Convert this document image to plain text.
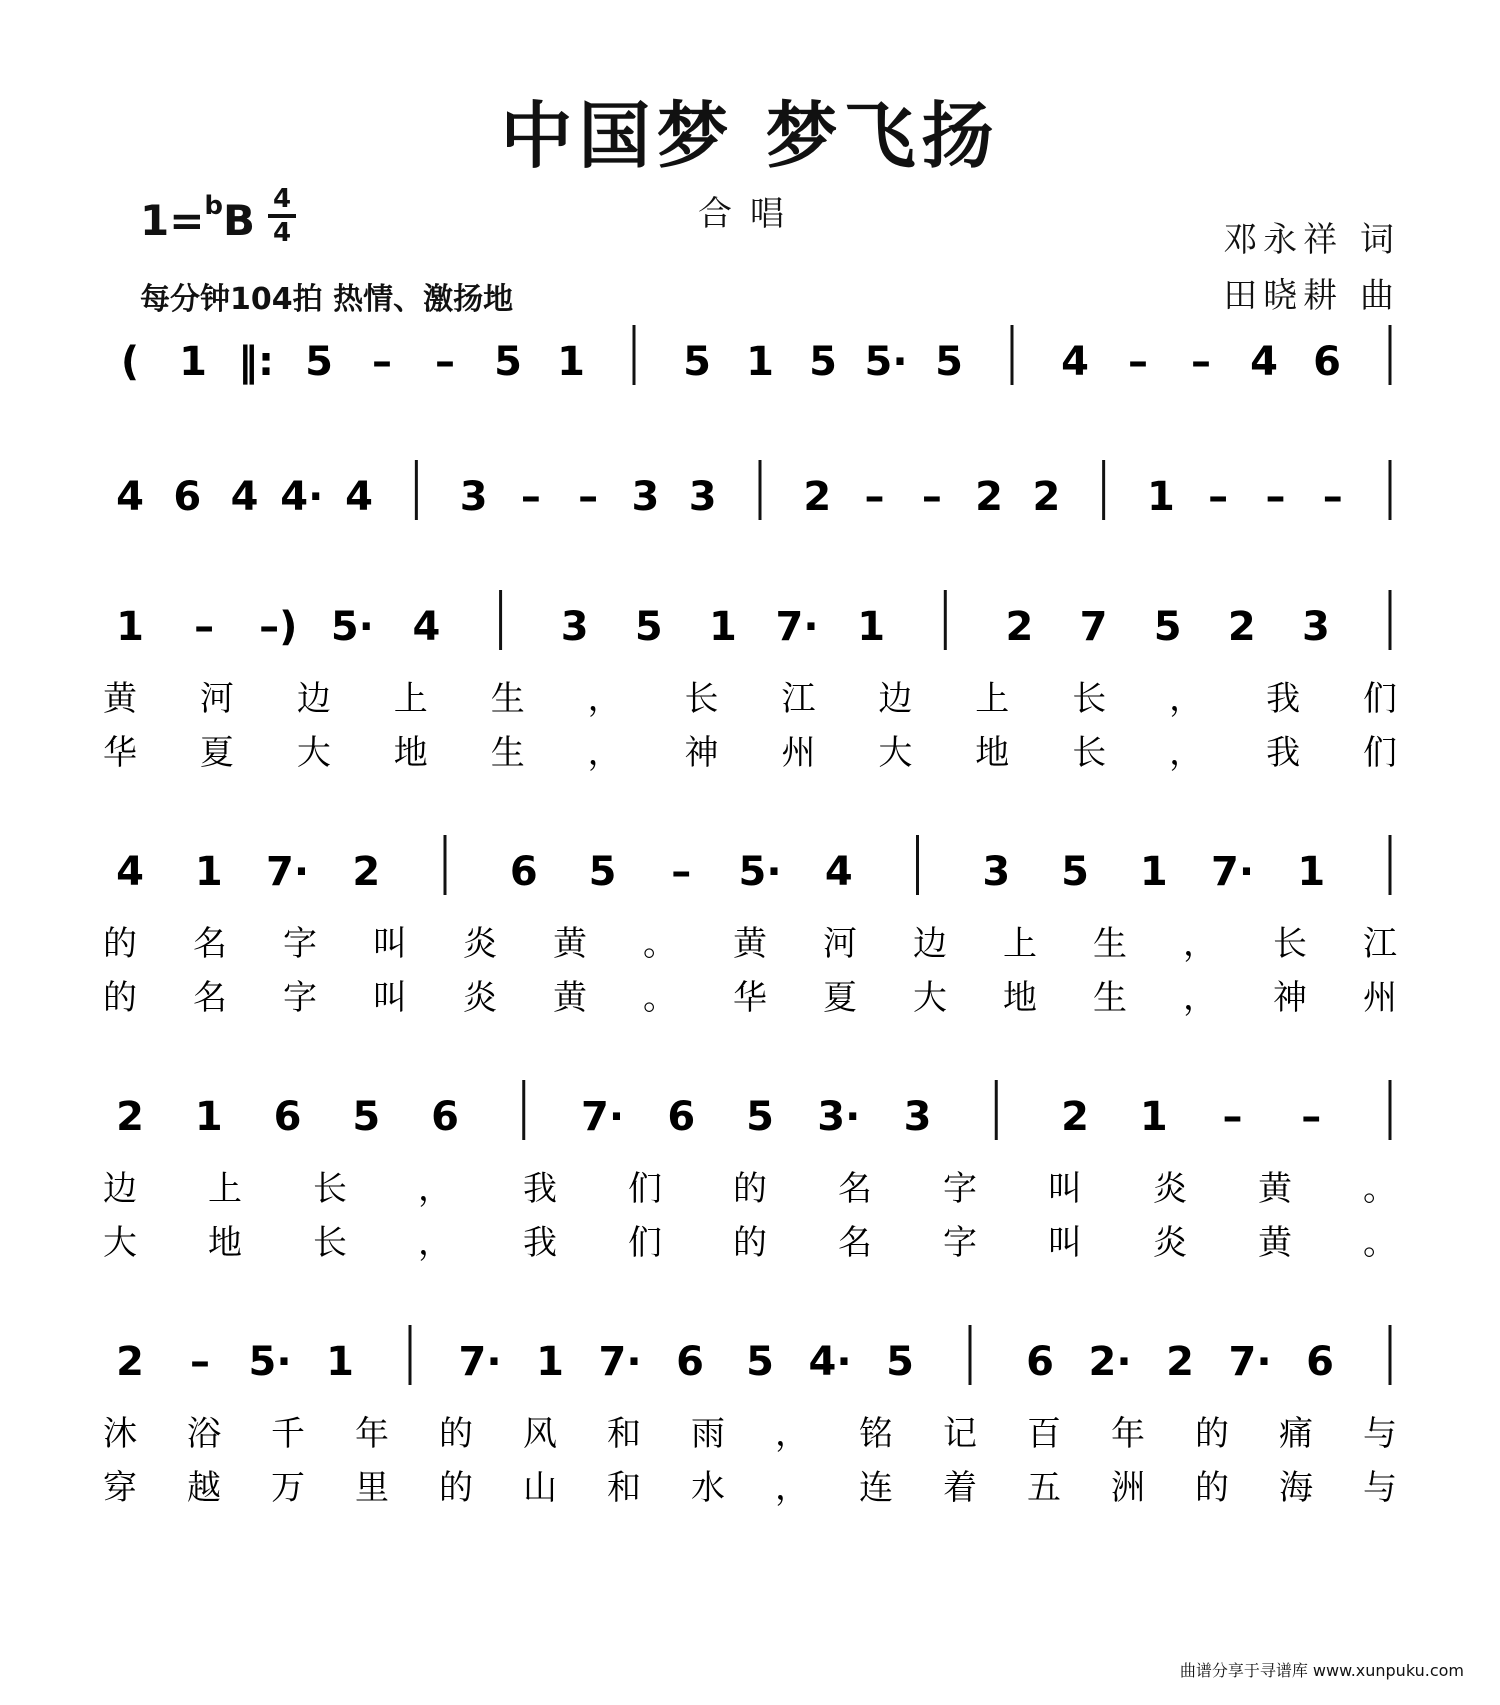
中国梦 梦飞扬
合唱
1=$^b$B 4
4
每分钟104拍 热情、激扬地
邓永祥 词
田晓耕 曲
( 1 ‖: 5 – – 5 1 5 1 5 5· 5 4 – – 4 6
4 6 4 4· 4 3 – – 3 3 2 – – 2 2 1 – – –
1 – –) 5· 4	3 5 1 7· 1	2 7 5 2 3
黄 河 边 上 生 ， 长 江 边 上 长 ， 我 们
华 夏 大 地 生 ， 神 州 大 地 长 ， 我 们
4 1 7· 2	6 5 – 5· 4	3 5 1 7· 1
的 名 字 叫 炎 黄 。 黄 河 边 上 生 ， 长 江
的 名 字 叫 炎 黄 。 华 夏 大 地 生 ， 神 州
2 1 6 5 6	7· 6 5 3· 3	2 1 – –
边 上 长 ， 我 们 的 名 字 叫 炎 黄 。
大 地 长 ， 我 们 的 名 字 叫 炎 黄 。
2 – 5· 1	7· 1 7· 6 5 4· 5	6 2· 2 7· 6
沐 浴 千 年 的 风 和 雨 ， 铭 记 百 年 的 痛 与
穿 越 万 里 的 山 和 水 ， 连 着 五 洲 的 海 与
曲谱分享于寻谱库 www.xunpuku.com
